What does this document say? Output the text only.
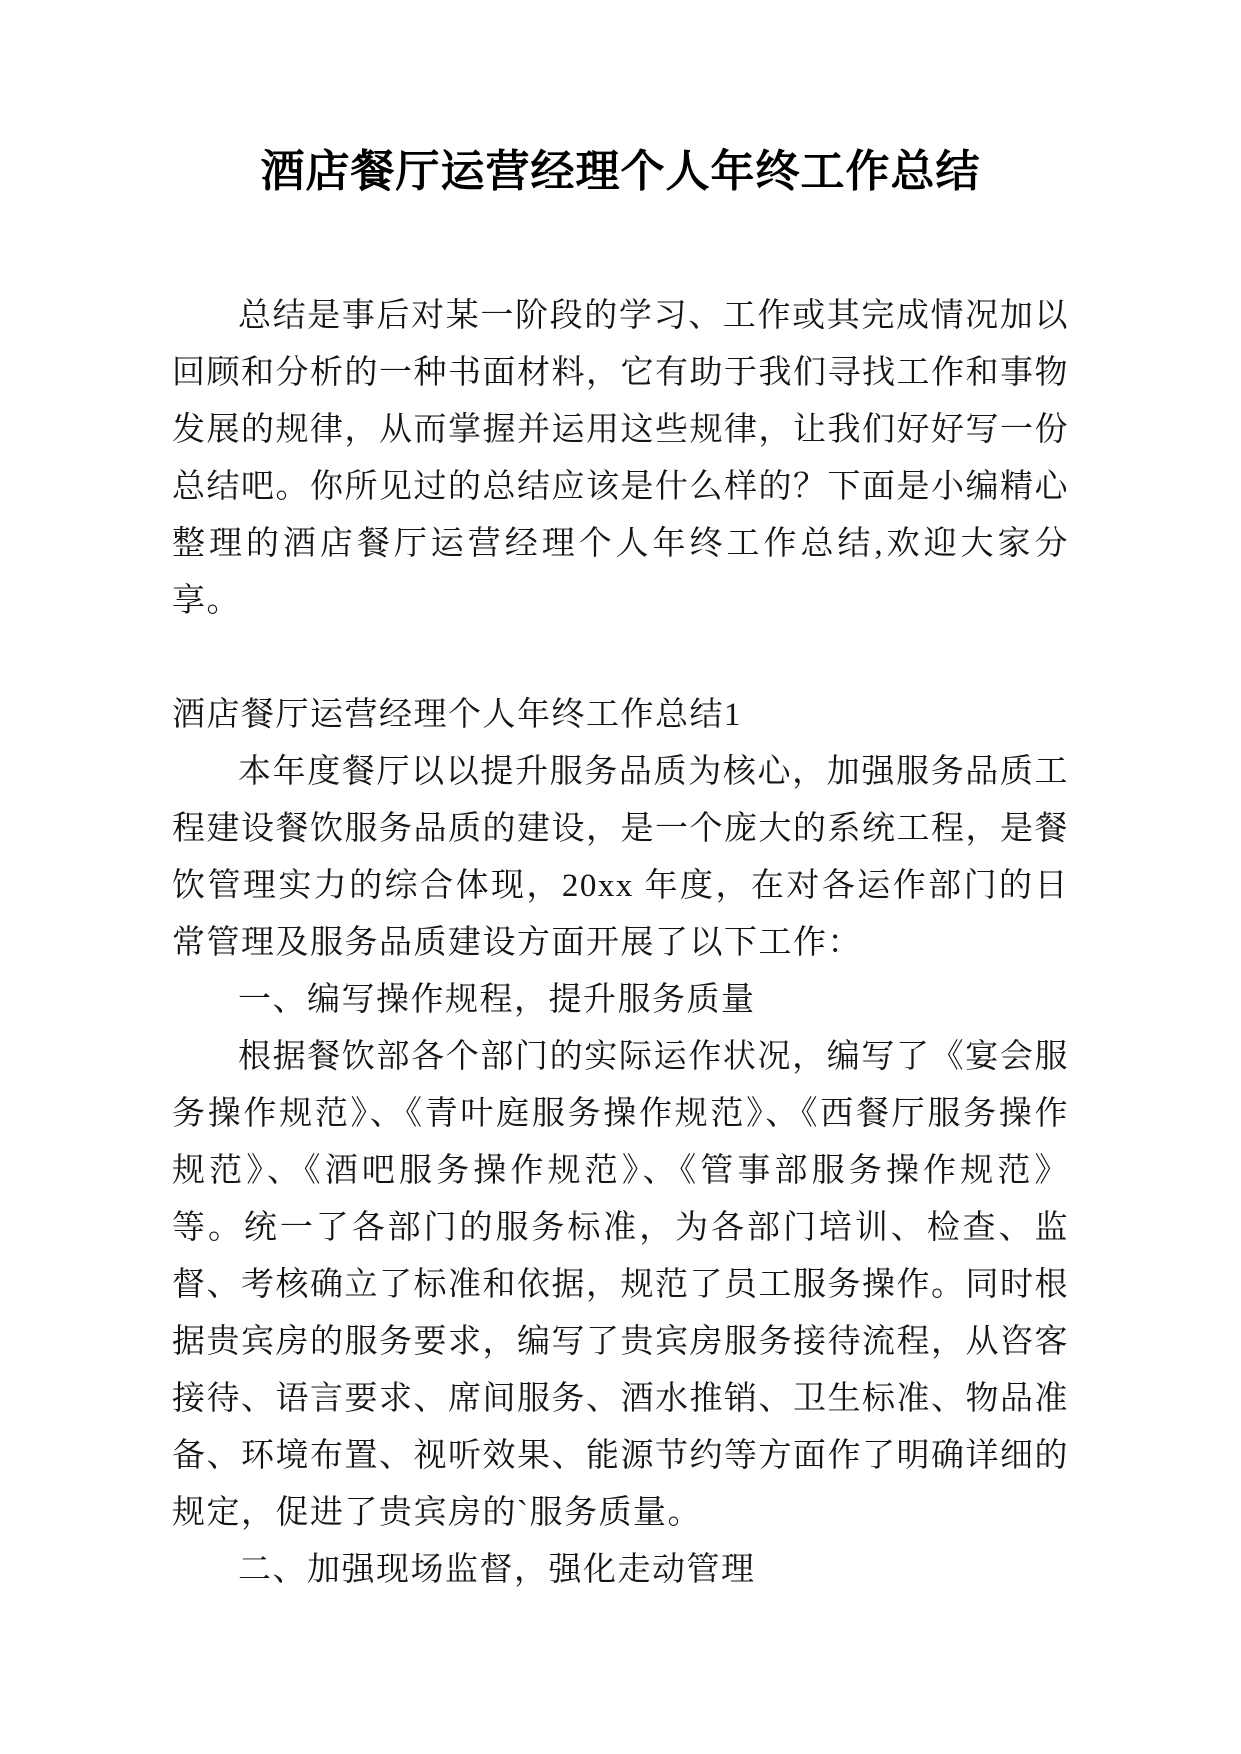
酒店餐厅运营经理个人年终工作总结

总结是事后对某一阶段的学习、工作或其完成情况加以回顾和分析的一种书面材料，它有助于我们寻找工作和事物发展的规律，从而掌握并运用这些规律，让我们好好写一份总结吧。你所见过的总结应该是什么样的？下面是小编精心整理的酒店餐厅运营经理个人年终工作总结,欢迎大家分享。

酒店餐厅运营经理个人年终工作总结1

本年度餐厅以以提升服务品质为核心，加强服务品质工程建设餐饮服务品质的建设，是一个庞大的系统工程，是餐饮管理实力的综合体现，20xx 年度，在对各运作部门的日常管理及服务品质建设方面开展了以下工作：

一、编写操作规程，提升服务质量

根据餐饮部各个部门的实际运作状况，编写了《宴会服务操作规范》、《青叶庭服务操作规范》、《西餐厅服务操作规范》、《酒吧服务操作规范》、《管事部服务操作规范》等。统一了各部门的服务标准，为各部门培训、检查、监督、考核确立了标准和依据，规范了员工服务操作。同时根据贵宾房的服务要求，编写了贵宾房服务接待流程，从咨客接待、语言要求、席间服务、酒水推销、卫生标准、物品准备、环境布置、视听效果、能源节约等方面作了明确详细的规定，促进了贵宾房的`服务质量。

二、加强现场监督，强化走动管理
